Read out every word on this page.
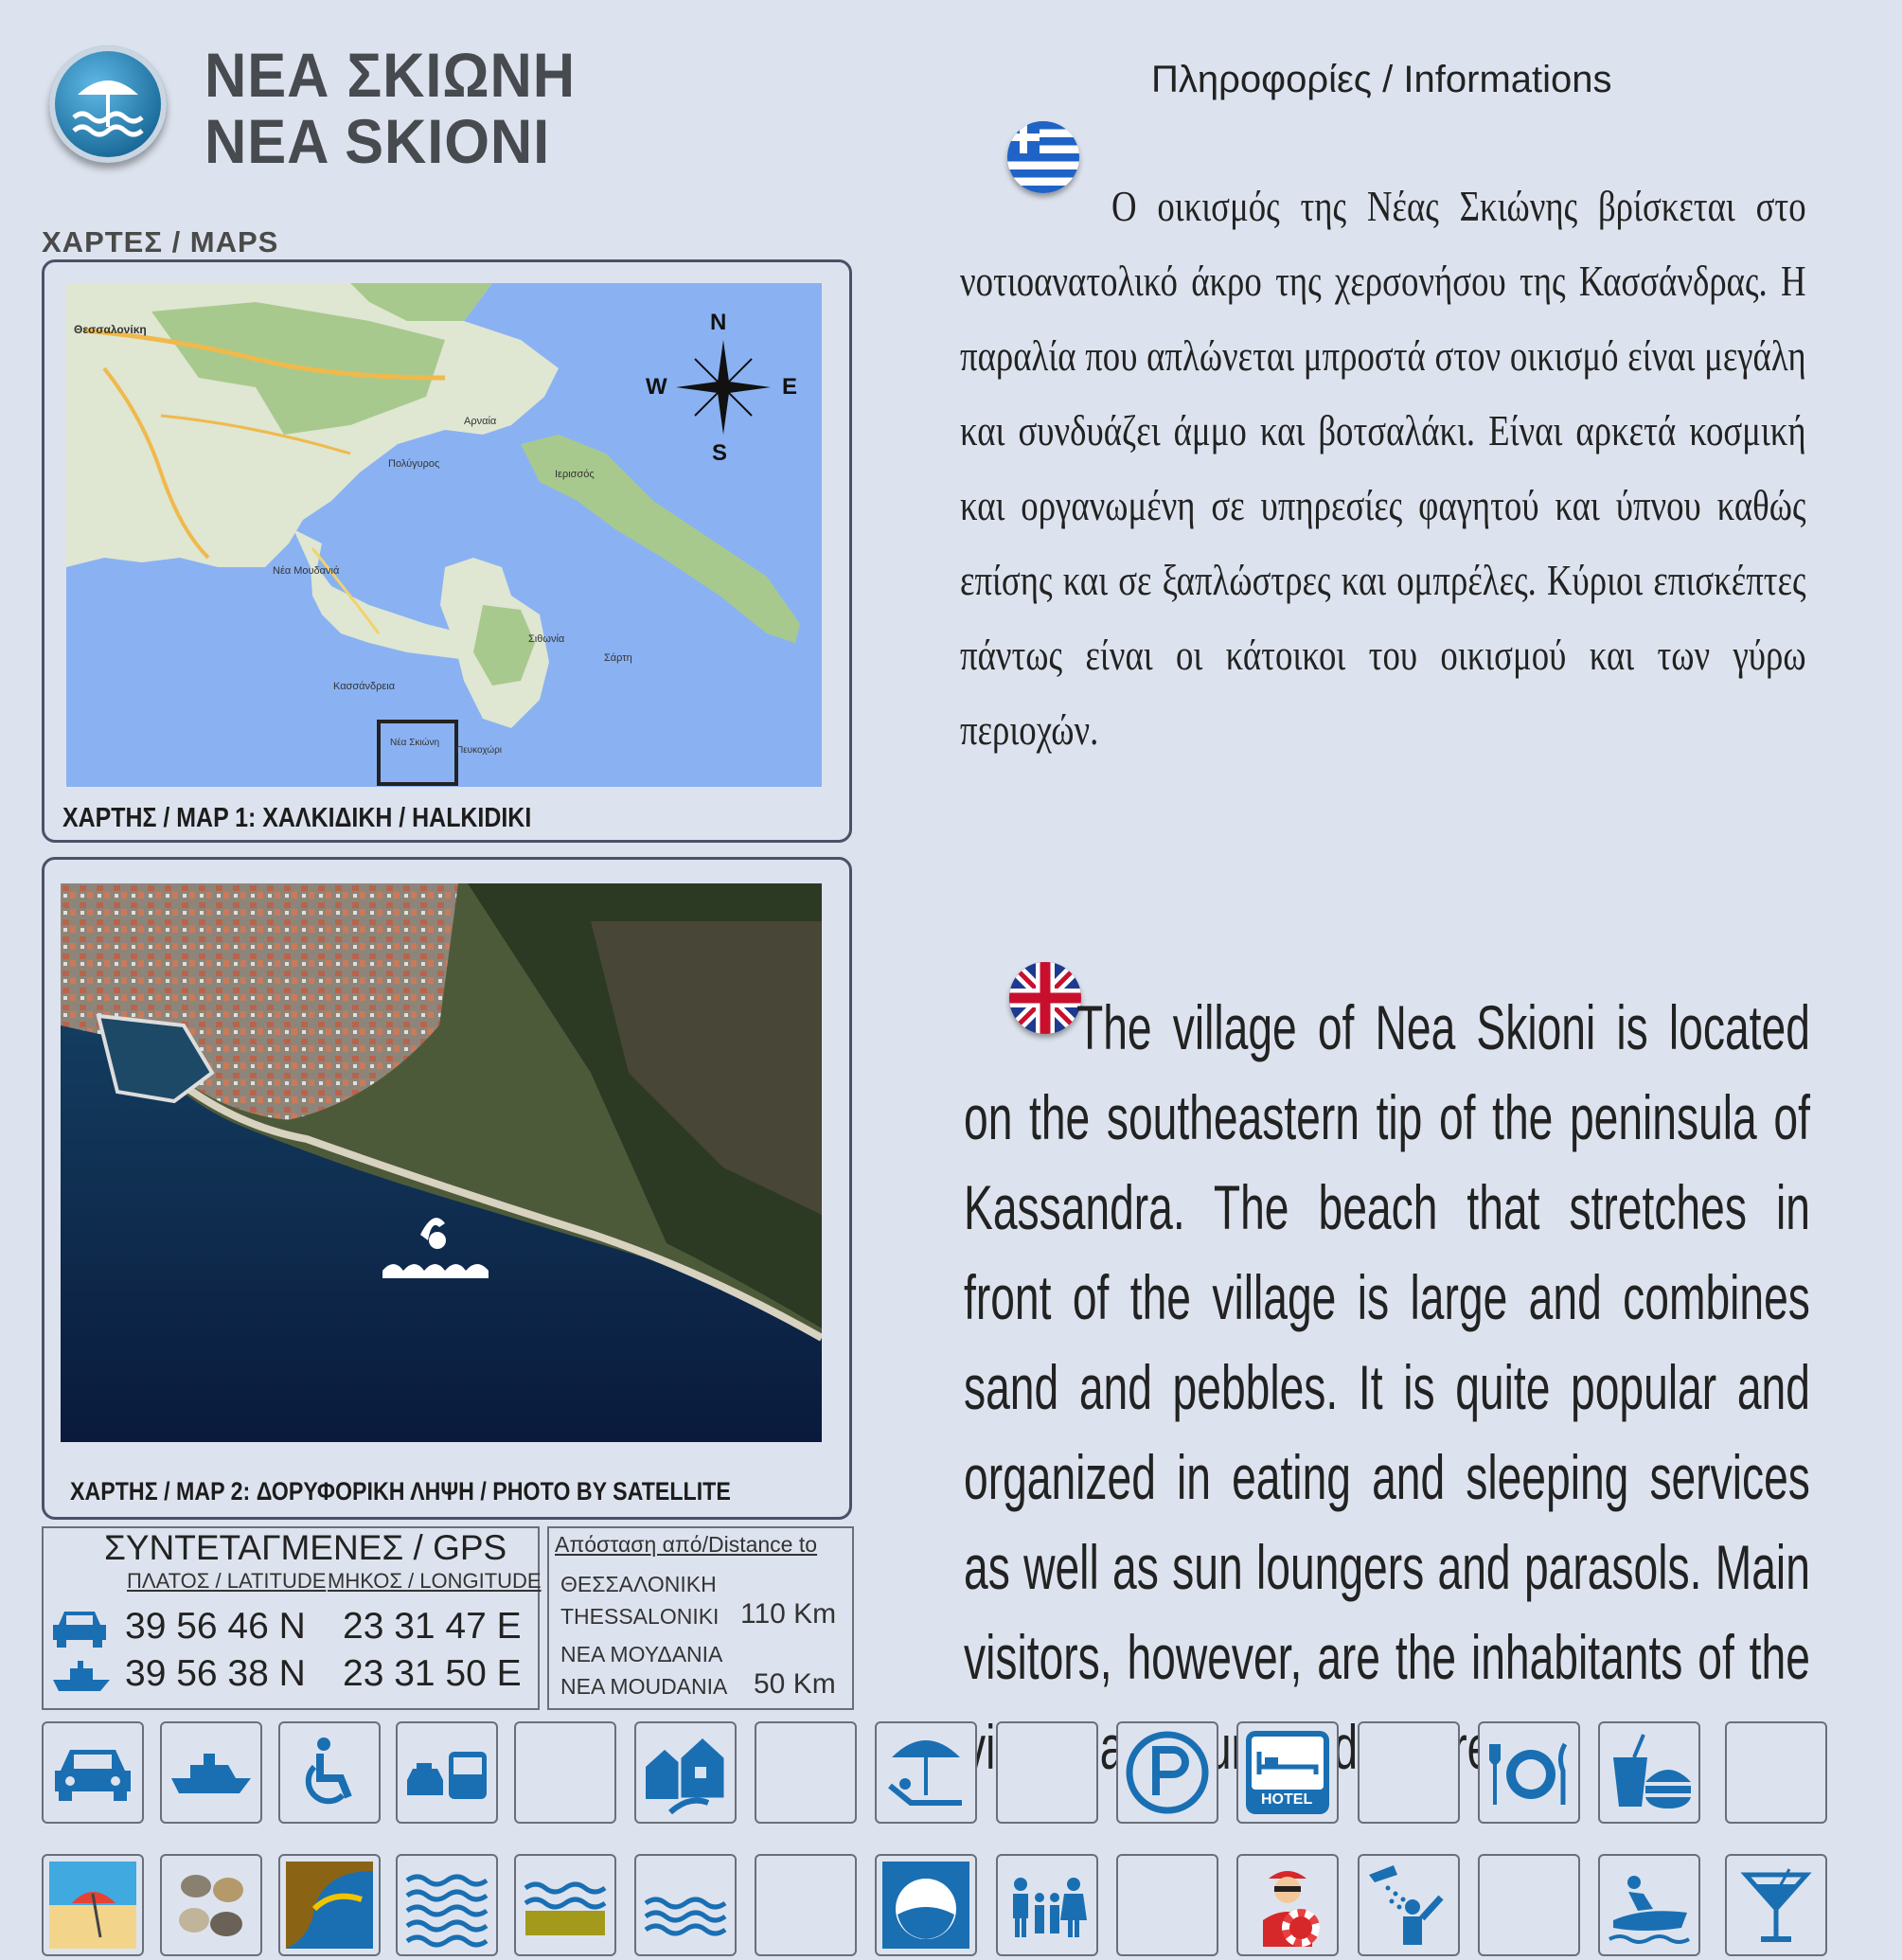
ΝΕΑ ΣΚΙΩΝΗ
NEA SKIONI
ΧΑΡΤΕΣ / MAPS
N
S
E
W
Θεσσαλονίκη
Πολύγυρος
Νέα Μουδανιά
Κασσάνδρεια
Σιθωνία
Νέα Σκιώνη
Πευκοχώρι
Αρναία
Ιερισσός
Σάρτη
ΧΑΡΤΗΣ / MAP 1: ΧΑΛΚΙΔΙΚΗ / HALKIDIKI
ΧΑΡΤΗΣ / MAP 2: ΔΟΡΥΦΟΡΙΚΗ ΛΗΨΗ / PHOTO BY SATELLITE
ΣΥΝΤΕΤΑΓΜΕΝΕΣ / GPS
ΠΛΑΤΟΣ / LATITUDE ΜΗΚΟΣ / LONGITUDE
39 56 46 N 23 31 47 E
39 56 38 N 23 31 50 E
Απόσταση από/Distance to
ΘΕΣΣΑΛΟΝΙΚΗ
THESSALONIKI 110 Km
ΝΕΑ ΜΟΥΔΑΝΙΑ
NEA MOUDANIA 50 Km
Πληροφορίες / Informations
Ο οικισμός της Νέας Σκιώνης βρίσκεται στο νοτιοανατολικό άκρο της χερσονήσου της Κασσάνδρας. Η παραλία που απλώνεται μπροστά στον οικισμό είναι μεγάλη και συνδυάζει άμμο και βοτσαλάκι. Είναι αρκετά κοσμική και οργανωμένη σε υπηρεσίες φαγητού και ύπνου καθώς επίσης και σε ξαπλώστρες και ομπρέλες. Κύριοι επισκέπτες πάντως είναι οι κάτοικοι του οικισμού και των γύρω περιοχών.
The village of Nea Skioni is located on the southeastern tip of the peninsula of Kassandra. The beach that stretches in front of the village is large and combines sand and pebbles. It is quite popular and organized in eating and sleeping services as well as sun loungers and parasols. Main visitors, however, are the inhabitants of the
HOTEL
